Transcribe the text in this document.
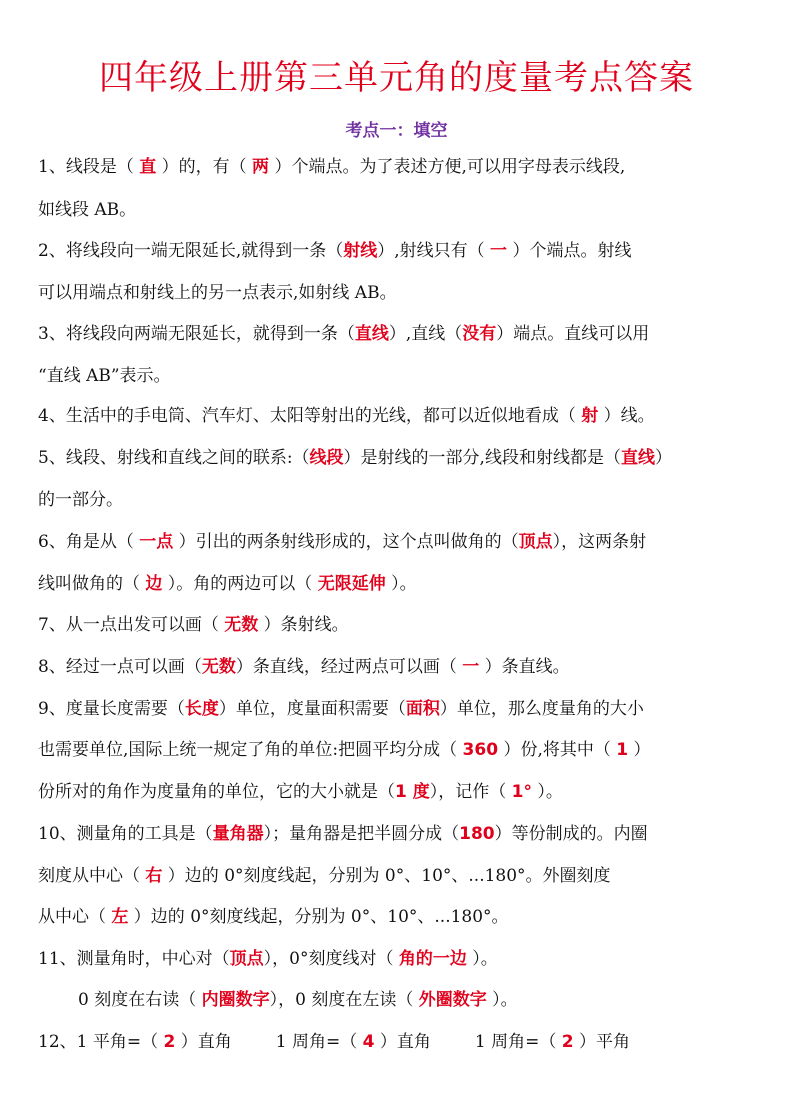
四年级上册第三单元角的度量考点答案
考点一：填空
1、线段是（ 直 ）的，有（ 两 ）个端点。为了表述方便,可以用字母表示线段,
如线段 AB。
2、将线段向一端无限延长,就得到一条（射线）,射线只有（ 一 ）个端点。射线
可以用端点和射线上的另一点表示,如射线 AB。
3、将线段向两端无限延长，就得到一条（直线）,直线（没有）端点。直线可以用
“直线 AB”表示。
4、生活中的手电筒、汽车灯、太阳等射出的光线，都可以近似地看成（ 射 ）线。
5、线段、射线和直线之间的联系:（线段）是射线的一部分,线段和射线都是（直线）
的一部分。
6、角是从（ 一点 ）引出的两条射线形成的，这个点叫做角的（顶点），这两条射
线叫做角的（ 边 ）。角的两边可以（ 无限延伸 ）。
7、从一点出发可以画（ 无数 ）条射线。
8、经过一点可以画（无数）条直线，经过两点可以画（ 一 ）条直线。
9、度量长度需要（长度）单位，度量面积需要（面积）单位，那么度量角的大小
也需要单位,国际上统一规定了角的单位:把圆平均分成（ 360 ）份,将其中（ 1 ）
份所对的角作为度量角的单位，它的大小就是（1 度），记作（ 1° ）。
10、测量角的工具是（量角器）；量角器是把半圆分成（180）等份制成的。内圈
刻度从中心（ 右 ）边的 0°刻度线起，分别为 0°、10°、...180°。外圈刻度
从中心（ 左 ）边的 0°刻度线起，分别为 0°、10°、...180°。
11、测量角时，中心对（顶点），0°刻度线对（ 角的一边 ）。
0 刻度在右读（ 内圈数字），0 刻度在左读（ 外圈数字 ）。
12、1 平角=（ 2 ）直角	1 周角=（ 4 ）直角	1 周角=（ 2 ）平角
